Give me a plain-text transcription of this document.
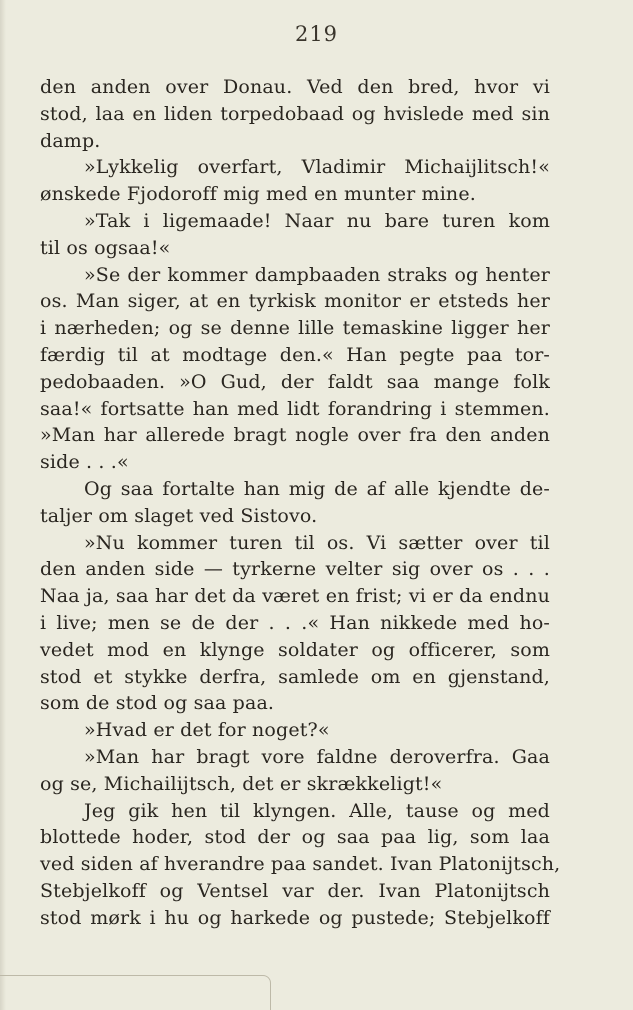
219
den anden over Donau. Ved den bred, hvor vi
stod, laa en liden torpedobaad og hvislede med sin
damp.
»Lykkelig overfart, Vladimir Michaijlitsch!«
ønskede Fjodoroff mig med en munter mine.
»Tak i ligemaade! Naar nu bare turen kom
til os ogsaa!«
»Se der kommer dampbaaden straks og henter
os. Man siger, at en tyrkisk monitor er etsteds her
i nærheden; og se denne lille temaskine ligger her
færdig til at modtage den.« Han pegte paa tor-
pedobaaden. »O Gud, der faldt saa mange folk
saa!« fortsatte han med lidt forandring i stemmen.
»Man har allerede bragt nogle over fra den anden
side . . .«
Og saa fortalte han mig de af alle kjendte de-
taljer om slaget ved Sistovo.
»Nu kommer turen til os. Vi sætter over til
den anden side — tyrkerne velter sig over os . . .
Naa ja, saa har det da været en frist; vi er da endnu
i live; men se de der . . .« Han nikkede med ho-
vedet mod en klynge soldater og officerer, som
stod et stykke derfra, samlede om en gjenstand,
som de stod og saa paa.
»Hvad er det for noget?«
»Man har bragt vore faldne deroverfra. Gaa
og se, Michailijtsch, det er skrækkeligt!«
Jeg gik hen til klyngen. Alle, tause og med
blottede hoder, stod der og saa paa lig, som laa
ved siden af hverandre paa sandet. Ivan Platonijtsch,
Stebjelkoff og Ventsel var der. Ivan Platonijtsch
stod mørk i hu og harkede og pustede; Stebjelkoff
